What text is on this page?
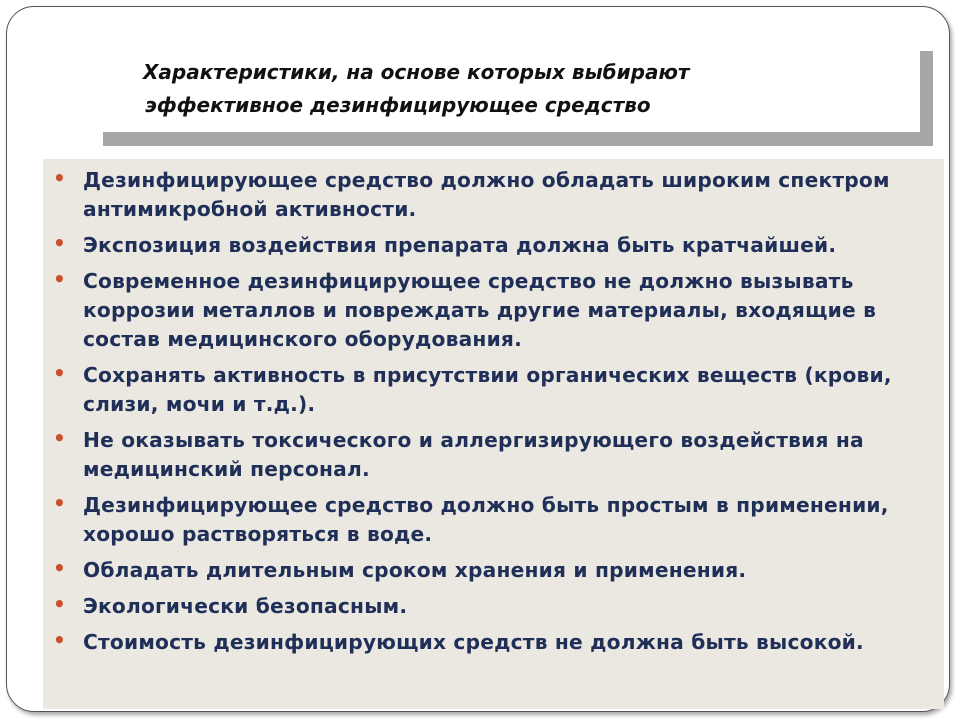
Характеристики, на основе которых выбирают
эффективное дезинфицирующее средство
• Дезинфицирующее средство должно обладать широким спектром антимикробной активности.
• Экспозиция воздействия препарата должна быть кратчайшей.
• Современное дезинфицирующее средство не должно вызывать коррозии металлов и повреждать другие материалы, входящие в состав медицинского оборудования.
• Сохранять активность в присутствии органических веществ (крови, слизи, мочи и т.д.).
• Не оказывать токсического и аллергизирующего воздействия на медицинский персонал.
• Дезинфицирующее средство должно быть простым в применении, хорошо растворяться в воде.
• Обладать длительным сроком хранения и применения.
• Экологически безопасным.
• Стоимость дезинфицирующих средств не должна быть высокой.
